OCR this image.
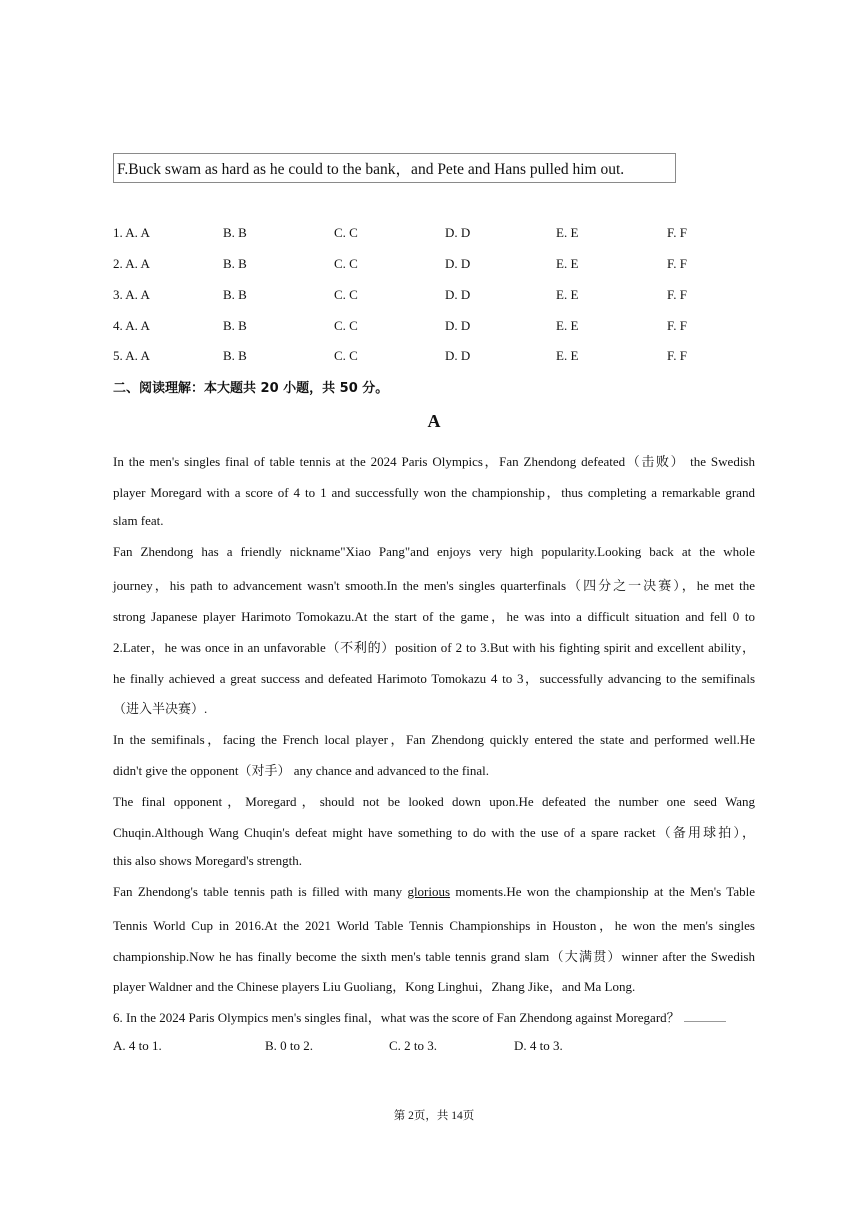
F.Buck swam as hard as he could to the bank，and Pete and Hans pulled him out.
1. A. A	B. B	C. C	D. D	E. E	F. F
2. A. A	B. B	C. C	D. D	E. E	F. F
3. A. A	B. B	C. C	D. D	E. E	F. F
4. A. A	B. B	C. C	D. D	E. E	F. F
5. A. A	B. B	C. C	D. D	E. E	F. F
二、阅读理解：本大题共 20 小题，共 50 分。
A
In the men's singles final of table tennis at the 2024 Paris Olympics，Fan Zhendong defeated（击败） the Swedish
player Moregard with a score of 4 to 1 and successfully won the championship，thus completing a remarkable grand
slam feat.
Fan Zhendong has a friendly nickname"Xiao Pang"and enjoys very high popularity.Looking back at the whole
journey，his path to advancement wasn't smooth.In the men's singles quarterfinals（四分之一决赛），he met the
strong Japanese player Harimoto Tomokazu.At the start of the game，he was into a difficult situation and fell 0 to
2.Later，he was once in an unfavorable（不利的）position of 2 to 3.But with his fighting spirit and excellent ability，
he finally achieved a great success and defeated Harimoto Tomokazu 4 to 3，successfully advancing to the semifinals
（进入半决赛）.
In the semifinals，facing the French local player，Fan Zhendong quickly entered the state and performed well.He
didn't give the opponent（对手） any chance and advanced to the final.
The final opponent，Moregard，should not be looked down upon.He defeated the number one seed Wang
Chuqin.Although Wang Chuqin's defeat might have something to do with the use of a spare racket（备用球拍），
this also shows Moregard's strength.
Fan Zhendong's table tennis path is filled with many glorious moments.He won the championship at the Men's Table
Tennis World Cup in 2016.At the 2021 World Table Tennis Championships in Houston，he won the men's singles
championship.Now he has finally become the sixth men's table tennis grand slam（大满贯）winner after the Swedish
player Waldner and the Chinese players Liu Guoliang，Kong Linghui，Zhang Jike，and Ma Long.
6. In the 2024 Paris Olympics men's singles final，what was the score of Fan Zhendong against Moregard？
A. 4 to 1.	B. 0 to 2.	C. 2 to 3.	D. 4 to 3.
第 2页，共 14页
